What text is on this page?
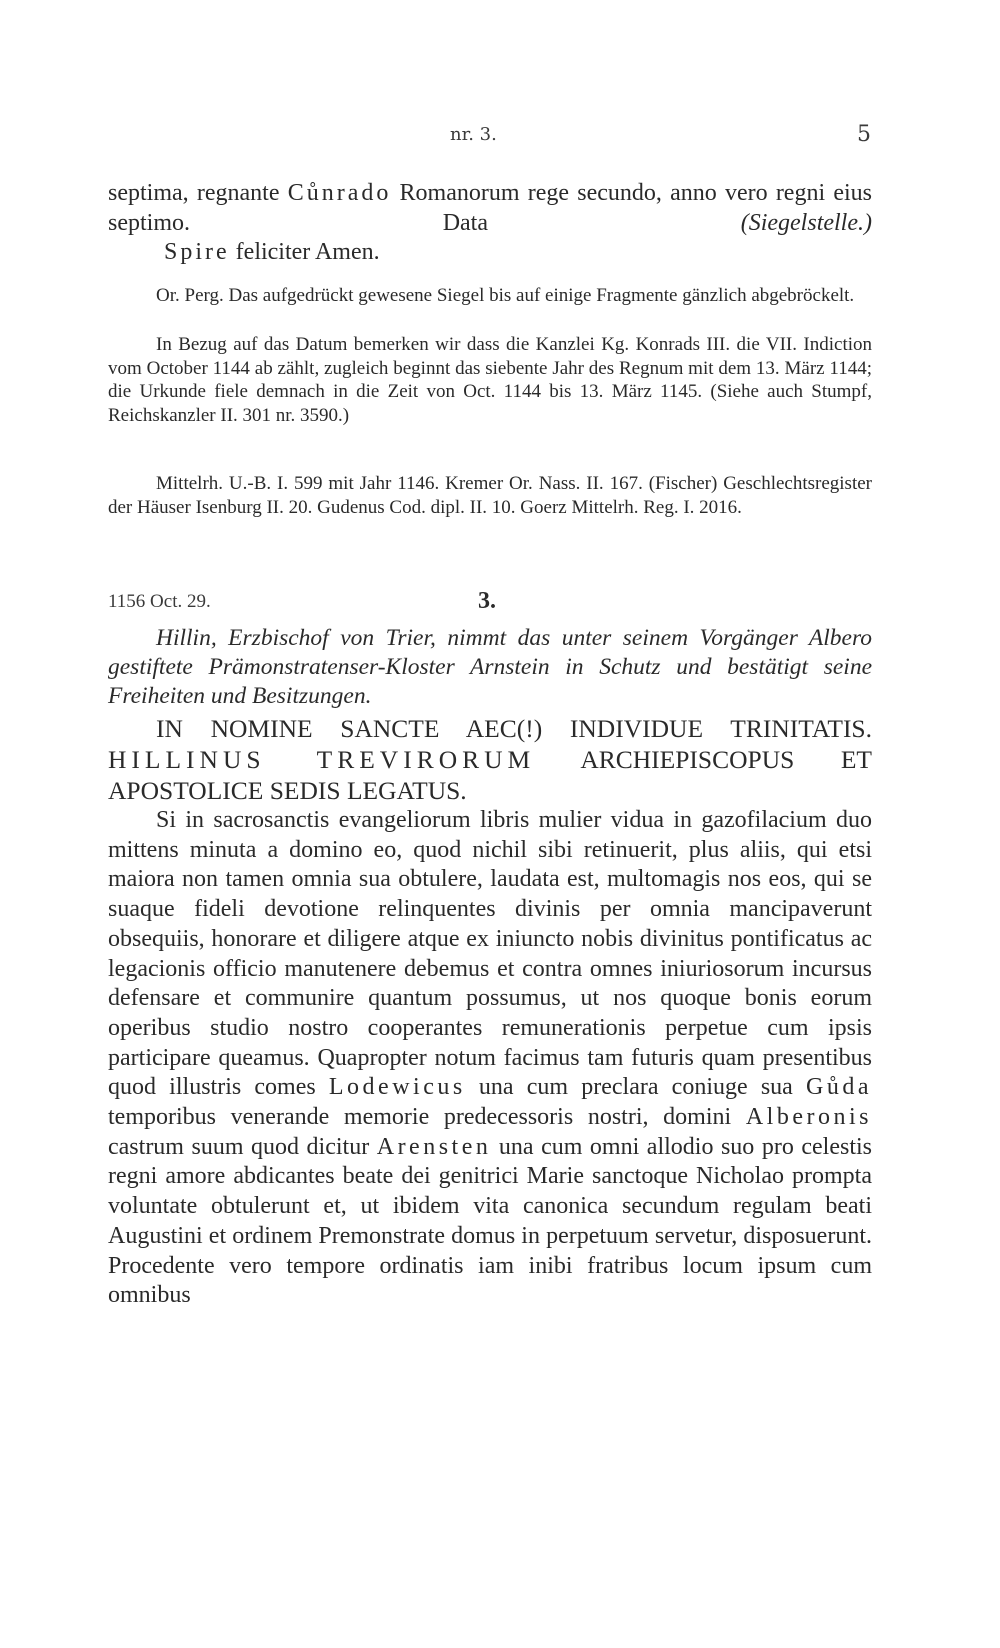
nr. 3.	5

septima, regnante Cůnrado Romanorum rege secundo, anno vero regni eius septimo. Data (Siegelstelle.)

Spire feliciter Amen.

Or. Perg. Das aufgedrückt gewesene Siegel bis auf einige Fragmente gänzlich abgebröckelt.

In Bezug auf das Datum bemerken wir dass die Kanzlei Kg. Konrads III. die VII. Indiction vom October 1144 ab zählt, zugleich beginnt das siebente Jahr des Regnum mit dem 13. März 1144; die Urkunde fiele demnach in die Zeit von Oct. 1144 bis 13. März 1145. (Siehe auch Stumpf, Reichskanzler II. 301 nr. 3590.)

Mittelrh. U.-B. I. 599 mit Jahr 1146. Kremer Or. Nass. II. 167. (Fischer) Geschlechtsregister der Häuser Isenburg II. 20. Gudenus Cod. dipl. II. 10. Goerz Mittelrh. Reg. I. 2016.

1156 Oct. 29.	3.

Hillin, Erzbischof von Trier, nimmt das unter seinem Vorgänger Albero gestiftete Prämonstratenser-Kloster Arnstein in Schutz und bestätigt seine Freiheiten und Besitzungen.

IN NOMINE SANCTE AEC(!) INDIVIDUE TRINITATIS. HILLINUS TREVIRORUM ARCHIEPISCOPUS ET APOSTOLICE SEDIS LEGATUS.

Si in sacrosanctis evangeliorum libris mulier vidua in gazofilacium duo mittens minuta a domino eo, quod nichil sibi retinuerit, plus aliis, qui etsi maiora non tamen omnia sua obtulere, laudata est, multomagis nos eos, qui se suaque fideli devotione relinquentes divinis per omnia mancipaverunt obsequiis, honorare et diligere atque ex iniuncto nobis divinitus pontificatus ac legacionis officio manutenere debemus et contra omnes iniuriosorum incursus defensare et communire quantum possumus, ut nos quoque bonis eorum operibus studio nostro cooperantes remunerationis perpetue cum ipsis participare queamus. Quapropter notum facimus tam futuris quam presentibus quod illustris comes Lodewicus una cum preclara coniuge sua Gůda temporibus venerande memorie predecessoris nostri, domini Alberonis castrum suum quod dicitur Arensten una cum omni allodio suo pro celestis regni amore abdicantes beate dei genitrici Marie sanctoque Nicholao prompta voluntate obtulerunt et, ut ibidem vita canonica secundum regulam beati Augustini et ordinem Premonstrate domus in perpetuum servetur, disposuerunt. Procedente vero tempore ordinatis iam inibi fratribus locum ipsum cum omnibus
